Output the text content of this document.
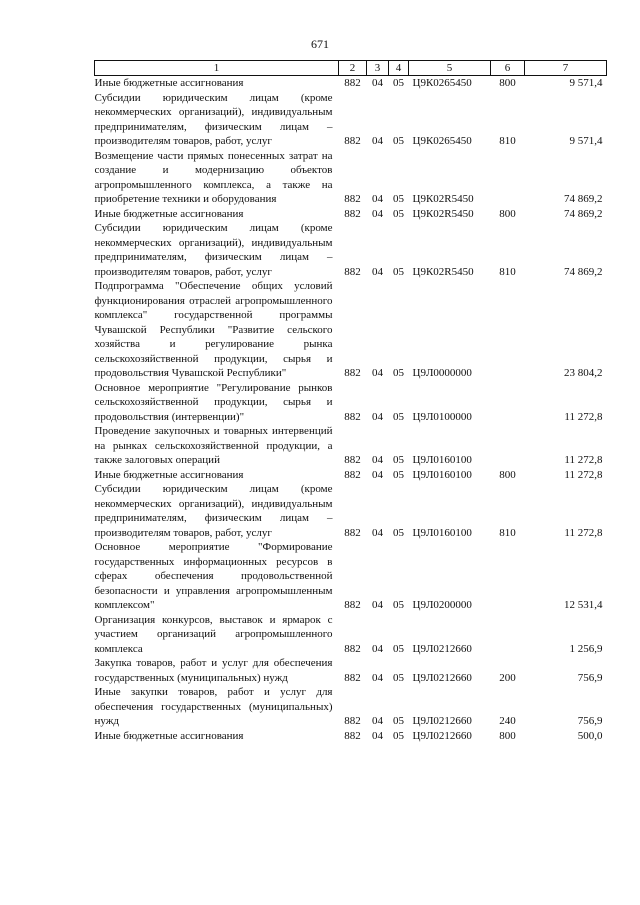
671
1	2	3	4	5	6	7
Иные бюджетные ассигнования	882	04	05	Ц9К0265450	800	9 571,4
Субсидии юридическим лицам (кроме некоммерческих организаций), индивидуальным предпринимателям, физическим лицам – производителям товаров, работ, услуг	882	04	05	Ц9К0265450	810	9 571,4
Возмещение части прямых понесенных затрат на создание и модернизацию объектов агропромышленного комплекса, а также на приобретение техники и оборудования	882	04	05	Ц9К02R5450		74 869,2
Иные бюджетные ассигнования	882	04	05	Ц9К02R5450	800	74 869,2
Субсидии юридическим лицам (кроме некоммерческих организаций), индивидуальным предпринимателям, физическим лицам – производителям товаров, работ, услуг	882	04	05	Ц9К02R5450	810	74 869,2
Подпрограмма "Обеспечение общих условий функционирования отраслей агропромышленного комплекса" государственной программы Чувашской Республики "Развитие сельского хозяйства и регулирование рынка сельскохозяйственной продукции, сырья и продовольствия Чувашской Республики"	882	04	05	Ц9Л0000000		23 804,2
Основное мероприятие "Регулирование рынков сельскохозяйственной продукции, сырья и продовольствия (интервенции)"	882	04	05	Ц9Л0100000		11 272,8
Проведение закупочных и товарных интервенций на рынках сельскохозяйственной продукции, а также залоговых операций	882	04	05	Ц9Л0160100		11 272,8
Иные бюджетные ассигнования	882	04	05	Ц9Л0160100	800	11 272,8
Субсидии юридическим лицам (кроме некоммерческих организаций), индивидуальным предпринимателям, физическим лицам – производителям товаров, работ, услуг	882	04	05	Ц9Л0160100	810	11 272,8
Основное мероприятие "Формирование государственных информационных ресурсов в сферах обеспечения продовольственной безопасности и управления агропромышленным комплексом"	882	04	05	Ц9Л0200000		12 531,4
Организация конкурсов, выставок и ярмарок с участием организаций агропромышленного комплекса	882	04	05	Ц9Л0212660		1 256,9
Закупка товаров, работ и услуг для обеспечения государственных (муниципальных) нужд	882	04	05	Ц9Л0212660	200	756,9
Иные закупки товаров, работ и услуг для обеспечения государственных (муниципальных) нужд	882	04	05	Ц9Л0212660	240	756,9
Иные бюджетные ассигнования	882	04	05	Ц9Л0212660	800	500,0
